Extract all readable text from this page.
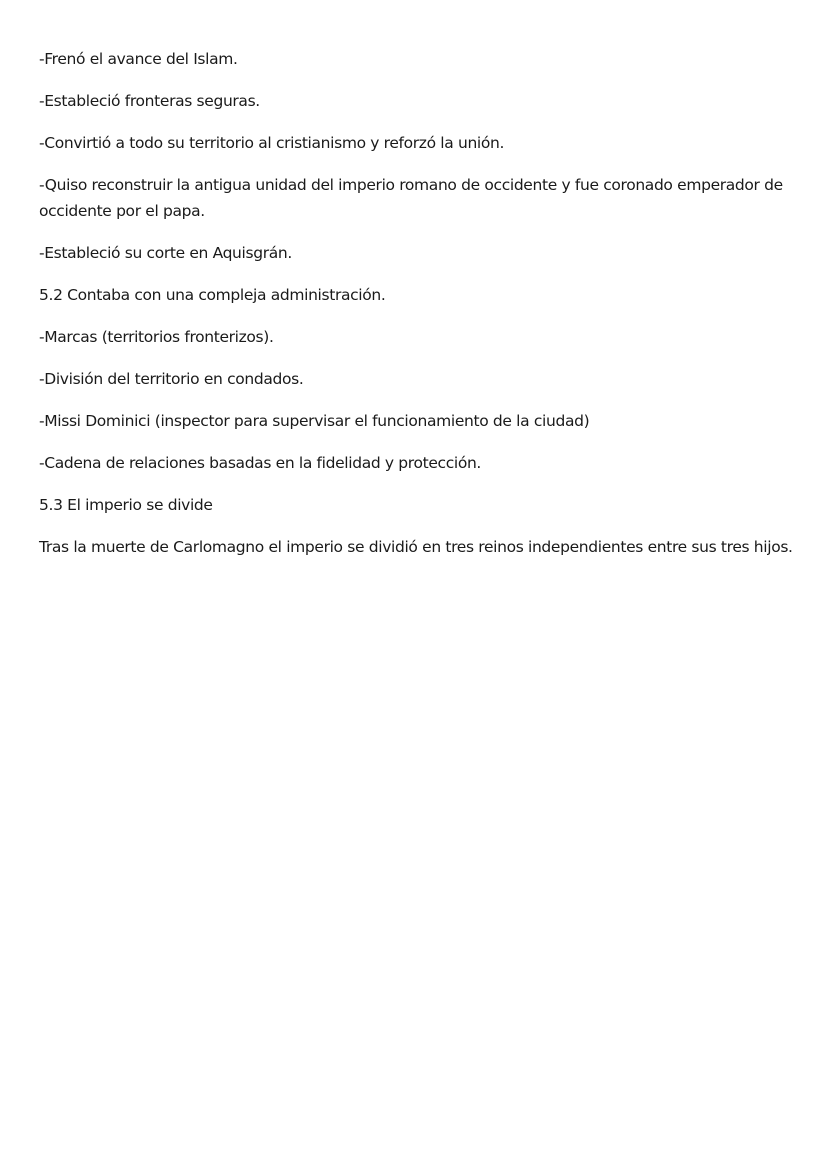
-Frenó el avance del Islam.

-Estableció fronteras seguras.

-Convirtió a todo su territorio al cristianismo y reforzó la unión.

-Quiso reconstruir la antigua unidad del imperio romano de occidente y fue coronado emperador de occidente por el papa.

-Estableció su corte en Aquisgrán.

5.2 Contaba con una compleja administración.

-Marcas (territorios fronterizos).

-División del territorio en condados.

-Missi Dominici (inspector para supervisar el funcionamiento de la ciudad)

-Cadena de relaciones basadas en la fidelidad y protección.

5.3 El imperio se divide

Tras la muerte de Carlomagno el imperio se dividió en tres reinos independientes entre sus tres hijos.
